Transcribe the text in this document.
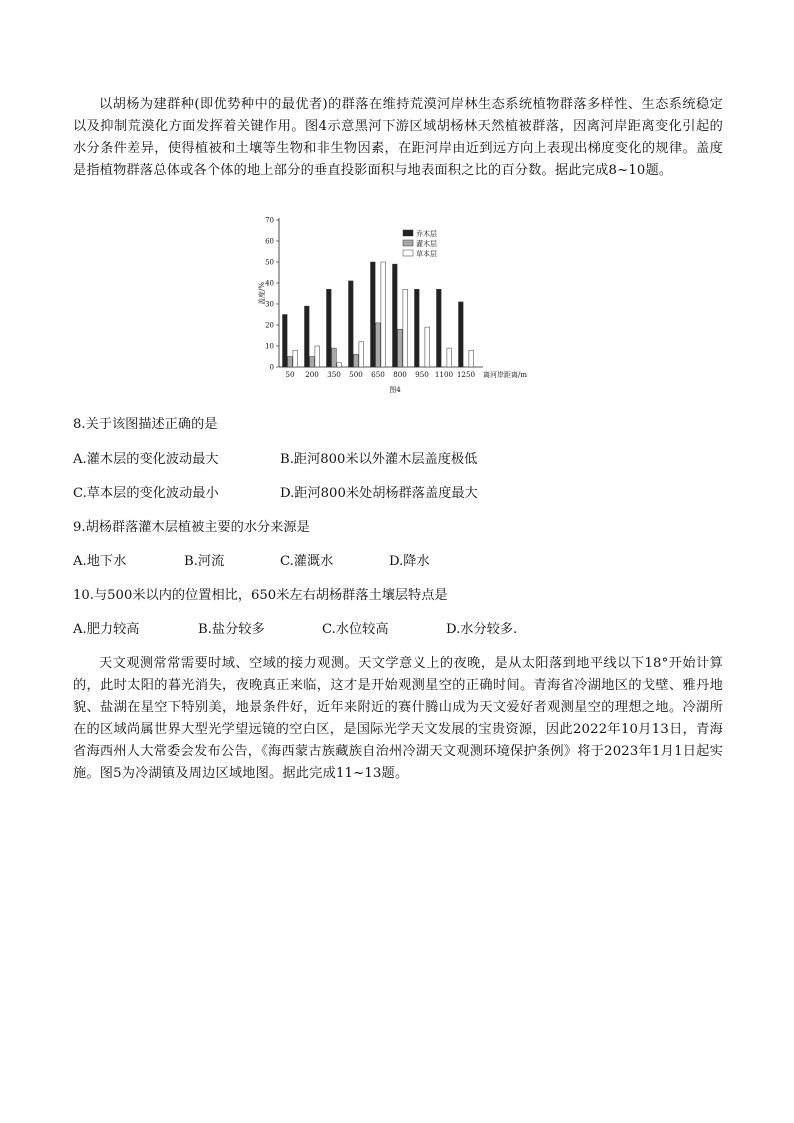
以胡杨为建群种(即优势种中的最优者)的群落在维持荒漠河岸林生态系统植物群落多样性、生态系统稳定以及抑制荒漠化方面发挥着关键作用。图4示意黑河下游区域胡杨林天然植被群落，因离河岸距离变化引起的水分条件差异，使得植被和土壤等生物和非生物因素，在距河岸由近到远方向上表现出梯度变化的规律。盖度是指植物群落总体或各个体的地上部分的垂直投影面积与地表面积之比的百分数。据此完成8~10题。
0
10
20
30
40
50
60
70
盖度/%
50 200 350 500 650 800 950 1100 1250 离河岸距离/m
乔木层
灌木层
草本层
图4
8.关于该图描述正确的是
A.灌木层的变化波动最大	B.距河800米以外灌木层盖度极低
C.草本层的变化波动最小	D.距河800米处胡杨群落盖度最大
9.胡杨群落灌木层植被主要的水分来源是
A.地下水	B.河流	C.灌溉水	D.降水
10.与500米以内的位置相比，650米左右胡杨群落土壤层特点是
A.肥力较高	B.盐分较多	C.水位较高	D.水分较多.
天文观测常常需要时域、空域的接力观测。天文学意义上的夜晚，是从太阳落到地平线以下18°开始计算的，此时太阳的暮光消失，夜晚真正来临，这才是开始观测星空的正确时间。青海省冷湖地区的戈壁、雅丹地貌、盐湖在星空下特别美，地景条件好，近年来附近的赛什腾山成为天文爱好者观测星空的理想之地。冷湖所在的区域尚属世界大型光学望远镜的空白区，是国际光学天文发展的宝贵资源，因此2022年10月13日，青海省海西州人大常委会发布公告，《海西蒙古族藏族自治州冷湖天文观测环境保护条例》将于2023年1月1日起实施。图5为冷湖镇及周边区域地图。据此完成11~13题。
